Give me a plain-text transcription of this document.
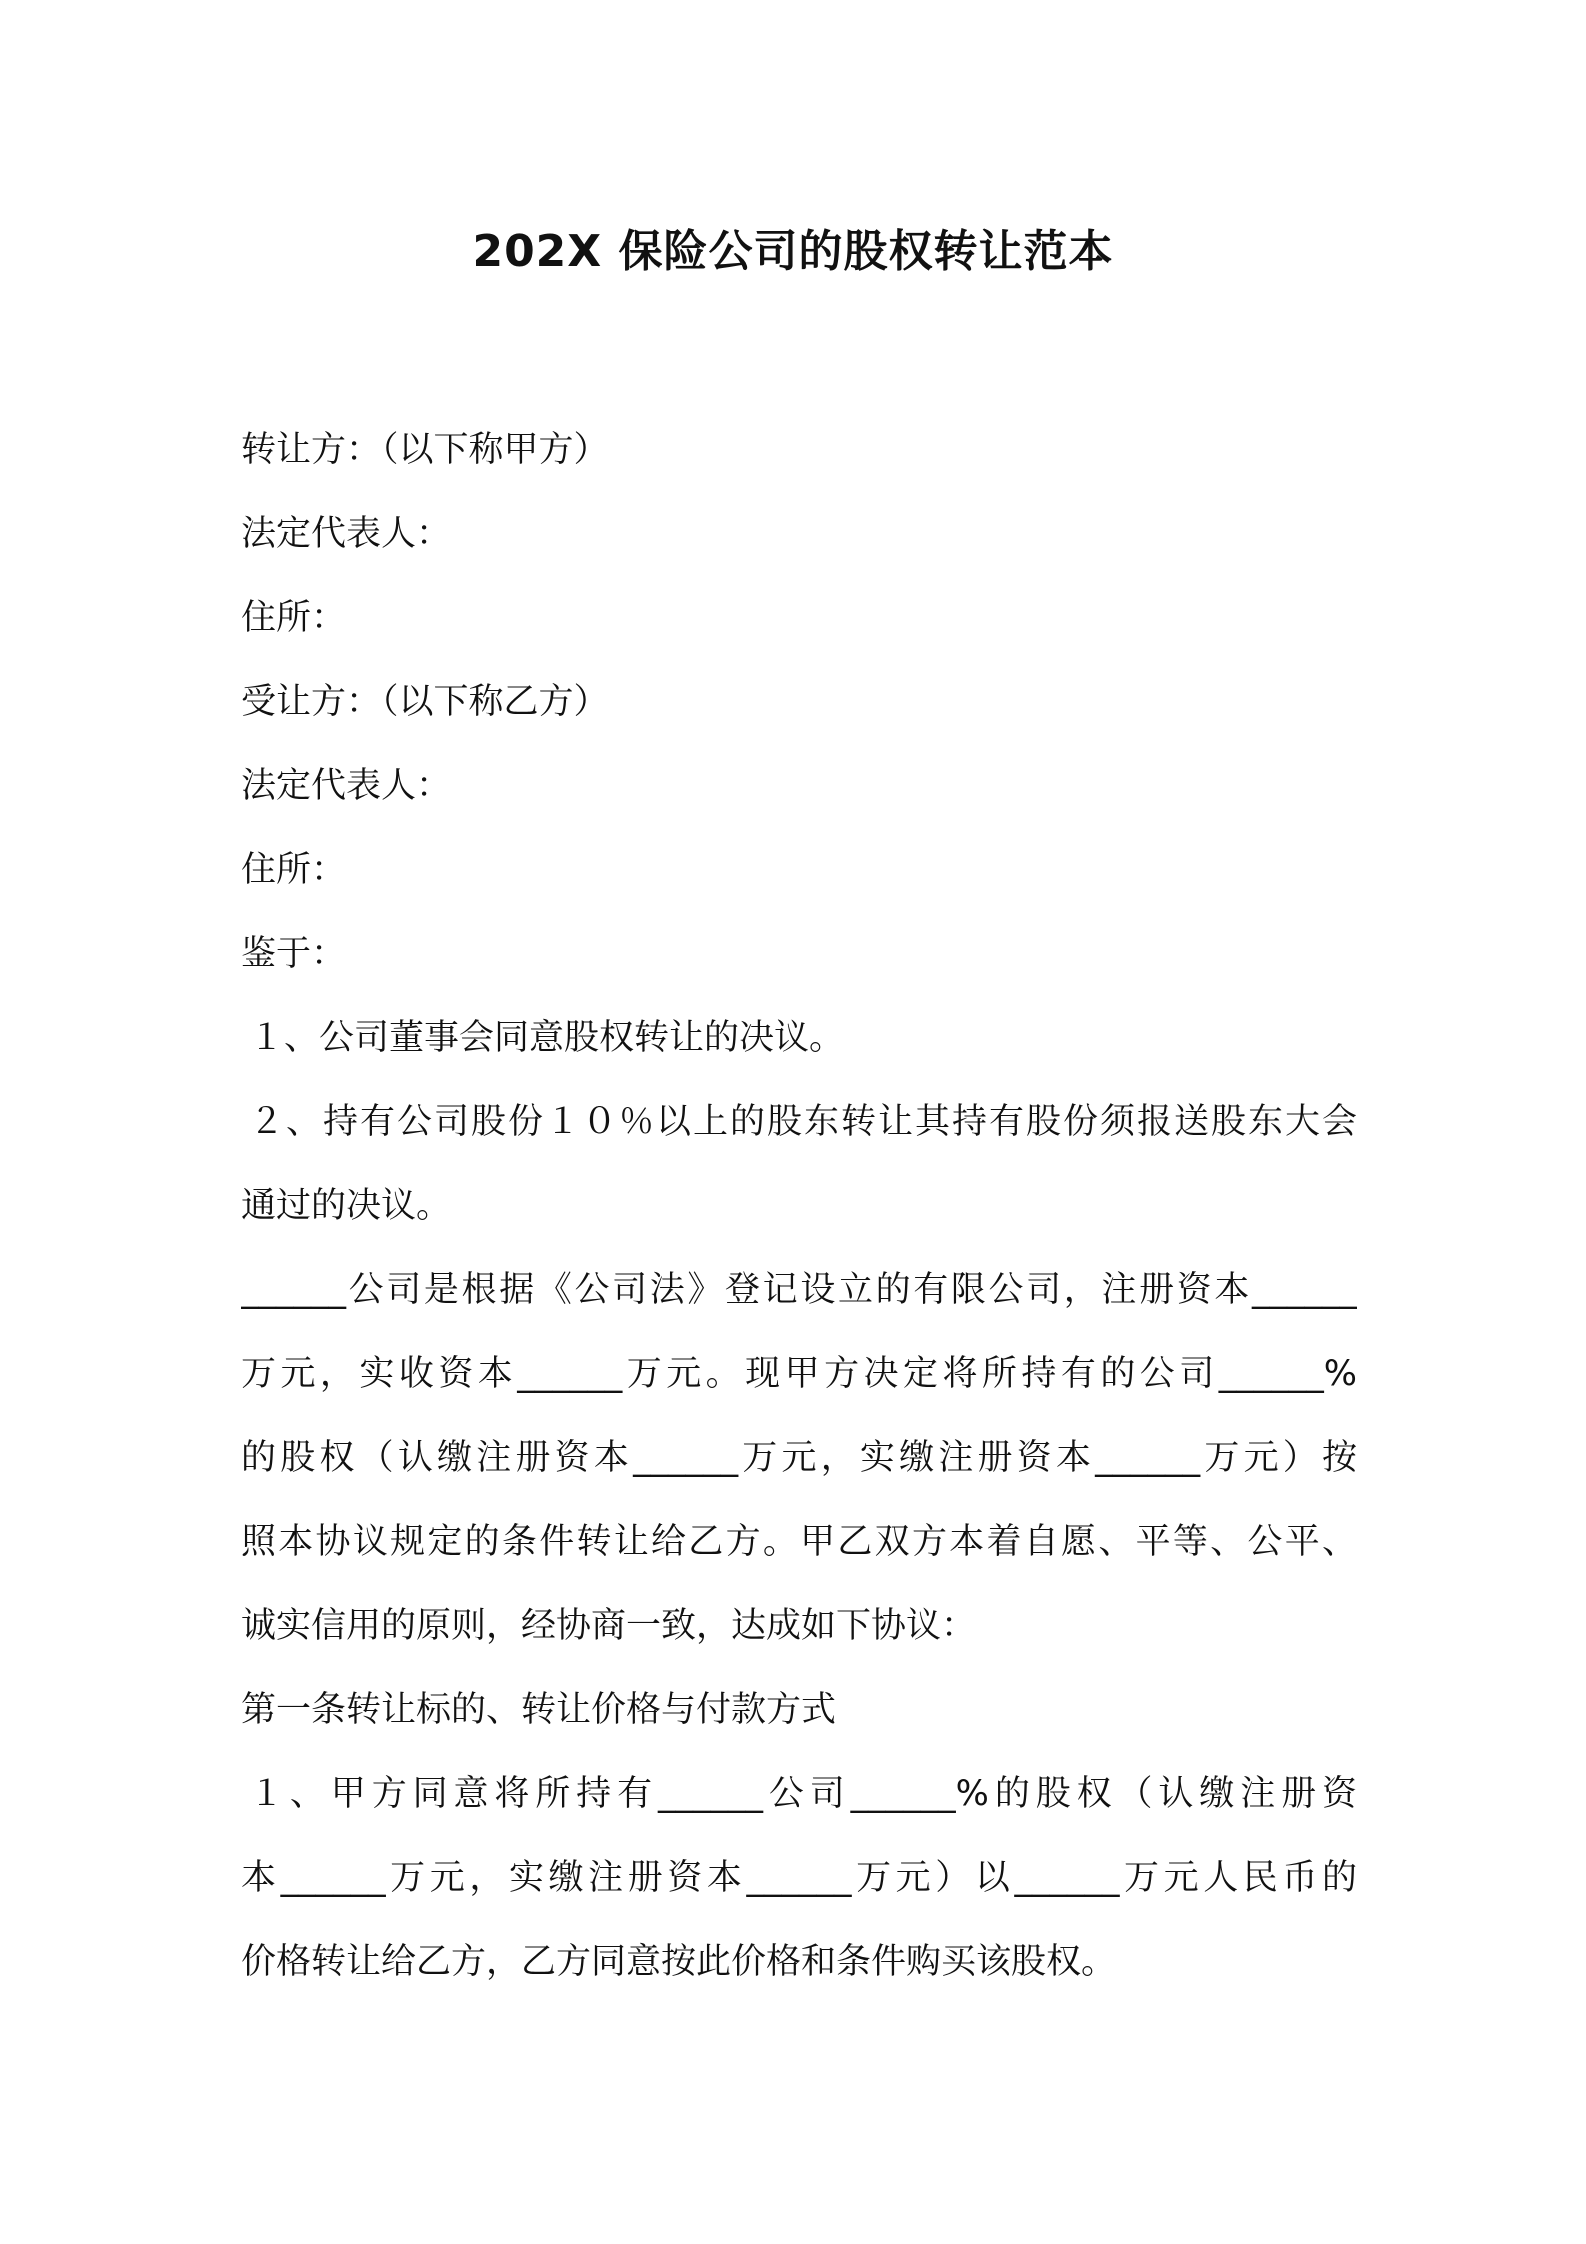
202X 保险公司的股权转让范本

转让方：（以下称甲方）

法定代表人：

住所：

受让方：（以下称乙方）

法定代表人：

住所：

鉴于：

１、公司董事会同意股权转让的决议。

２、持有公司股份１０％以上的股东转让其持有股份须报送股东大会

通过的决议。

______公司是根据《公司法》登记设立的有限公司，注册资本______

万元，实收资本______万元。现甲方决定将所持有的公司______%

的股权（认缴注册资本______万元，实缴注册资本______万元）按

照本协议规定的条件转让给乙方。甲乙双方本着自愿、平等、公平、

诚实信用的原则，经协商一致，达成如下协议：

第一条转让标的、转让价格与付款方式

１、甲方同意将所持有______公司______%的股权（认缴注册资

本______万元，实缴注册资本______万元）以______万元人民币的

价格转让给乙方，乙方同意按此价格和条件购买该股权。
